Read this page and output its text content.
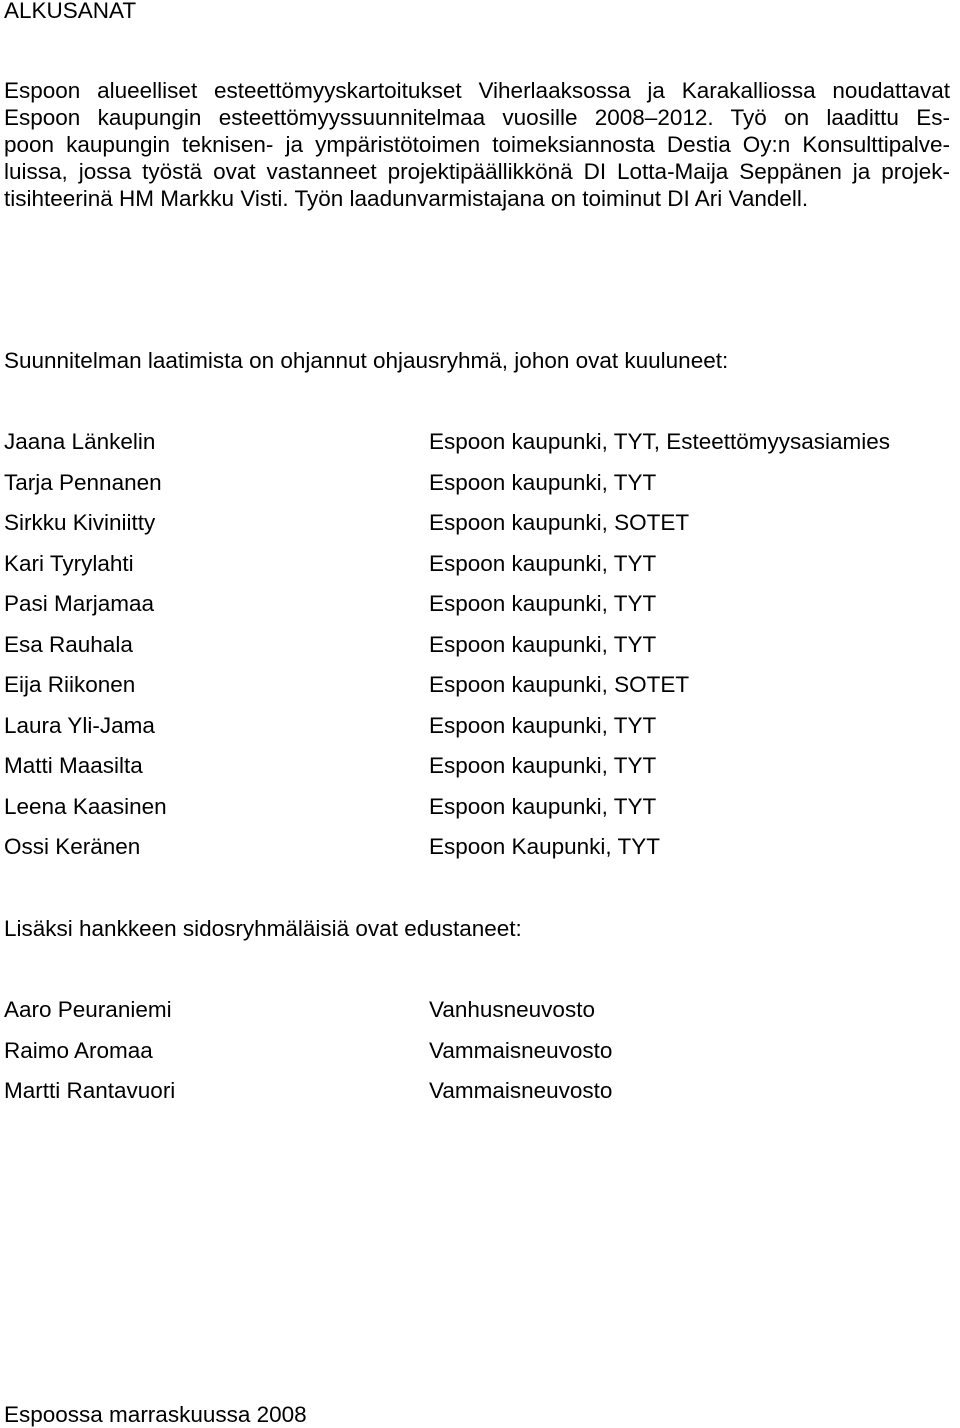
ALKUSANAT
Espoon alueelliset esteettömyyskartoitukset Viherlaaksossa ja Karakalliossa noudattavat
Espoon kaupungin esteettömyyssuunnitelmaa vuosille 2008–2012. Työ on laadittu Es-
poon kaupungin teknisen- ja ympäristötoimen toimeksiannosta Destia Oy:n Konsulttipalve-
luissa, jossa työstä ovat vastanneet projektipäällikkönä DI Lotta-Maija Seppänen ja projek-
tisihteerinä HM Markku Visti. Työn laadunvarmistajana on toiminut DI Ari Vandell.
Suunnitelman laatimista on ohjannut ohjausryhmä, johon ovat kuuluneet:
Jaana Länkelin	Espoon kaupunki, TYT, Esteettömyysasiamies
Tarja Pennanen	Espoon kaupunki, TYT
Sirkku Kiviniitty	Espoon kaupunki, SOTET
Kari Tyrylahti	Espoon kaupunki, TYT
Pasi Marjamaa	Espoon kaupunki, TYT
Esa Rauhala	Espoon kaupunki, TYT
Eija Riikonen	Espoon kaupunki, SOTET
Laura Yli-Jama	Espoon kaupunki, TYT
Matti Maasilta	Espoon kaupunki, TYT
Leena Kaasinen	Espoon kaupunki, TYT
Ossi Keränen	Espoon Kaupunki, TYT
Lisäksi hankkeen sidosryhmäläisiä ovat edustaneet:
Aaro Peuraniemi	Vanhusneuvosto
Raimo Aromaa	Vammaisneuvosto
Martti Rantavuori	Vammaisneuvosto
Espoossa marraskuussa 2008
